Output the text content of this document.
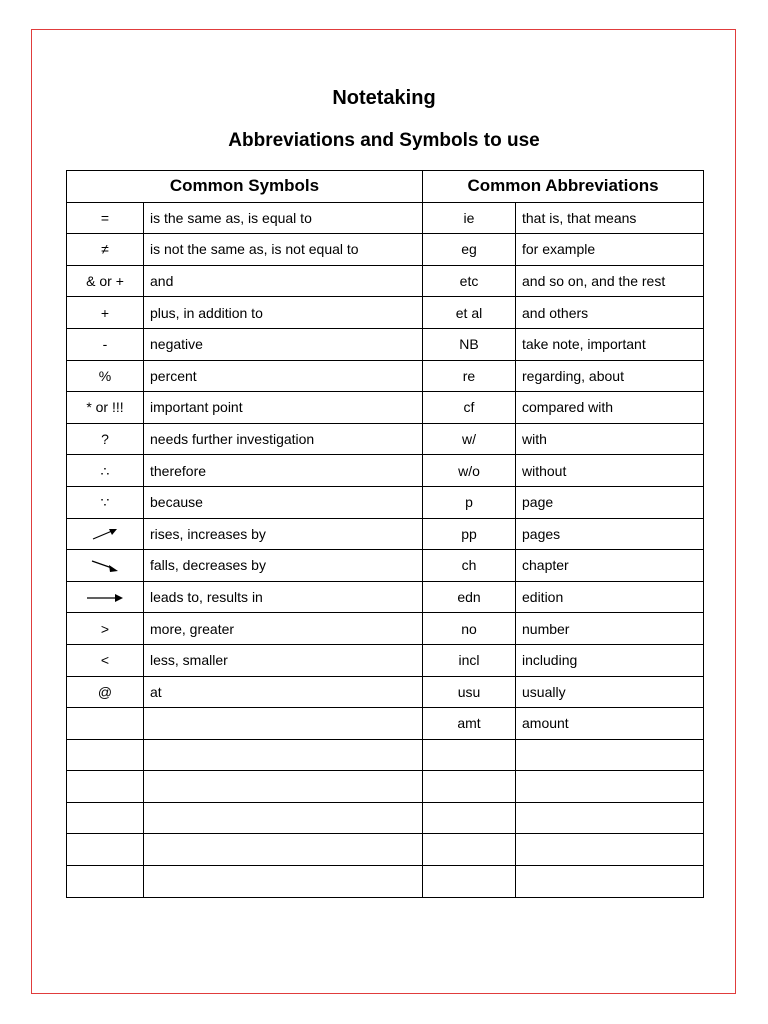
Notetaking
Abbreviations and Symbols to use
Common Symbols		Common Abbreviations	
=	is the same as, is equal to	ie	that is, that means
≠	is not the same as, is not equal to	eg	for example
& or +	and	etc	and so on, and the rest
+	plus, in addition to	et al	and others
-	negative	NB	take note, important
%	percent	re	regarding, about
* or !!!	important point	cf	compared with
?	needs further investigation	w/	with
∴	therefore	w/o	without
∵	because	p	page
	rises, increases by	pp	pages
	falls, decreases by	ch	chapter
	leads to, results in	edn	edition
>	more, greater	no	number
<	less, smaller	incl	including
@	at	usu	usually
		amt	amount
